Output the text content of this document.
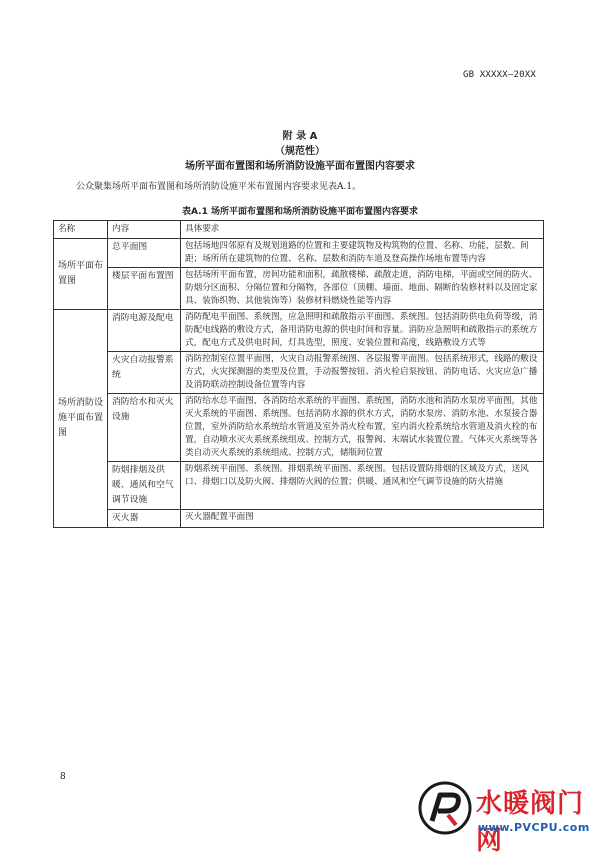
GB XXXXX—20XX
附 录 A
（规范性）
场所平面布置图和场所消防设施平面布置图内容要求
公众聚集场所平面布置图和场所消防设施平米布置图内容要求见表A.1。
表A.1 场所平面布置图和场所消防设施平面布置图内容要求
名称	内容	具体要求
场所平面布置图	总平面图	包括场地四邻原有及规划道路的位置和主要建筑物及构筑物的位置、名称、功能，层数、间距；场所所在建筑物的位置、名称、层数和消防车道及登高操作场地布置等内容
	楼层平面布置图	包括场所平面布置，房间功能和面积，疏散楼梯、疏散走道，消防电梯，平面或空间的防火、防烟分区面积、分隔位置和分隔物，各部位（顶棚、墙面、地面、隔断的装修材料以及固定家具、装饰织物、其他装饰等）装修材料燃烧性能等内容
场所消防设施平面布置图	消防电源及配电	消防配电平面图、系统图，应急照明和疏散指示平面图、系统图。包括消防供电负荷等级，消防配电线路的敷设方式，备用消防电源的供电时间和容量。消防应急照明和疏散指示的系统方式，配电方式及供电时间，灯具选型，照度、安装位置和高度，线路敷设方式等
	火灾自动报警系统	消防控制室位置平面图，火灾自动报警系统图、各层报警平面图。包括系统形式，线路的敷设方式，火灾探测器的类型及位置，手动报警按钮、消火栓启泵按钮、消防电话、火灾应急广播及消防联动控制设备位置等内容
	消防给水和灭火设施	消防给水总平面图，各消防给水系统的平面图、系统图，消防水池和消防水泵房平面图，其他灭火系统的平面图、系统图。包括消防水源的供水方式，消防水泵房、消防水池、水泵接合器位置，室外消防给水系统给水管道及室外消火栓布置，室内消火栓系统给水管道及消火栓的布置，自动喷水灭火系统系统组成、控制方式，报警阀、末端试水装置位置。气体灭火系统等各类自动灭火系统的系统组成、控制方式，储瓶间位置
	防烟排烟及供暖、通风和空气调节设施	防烟系统平面图、系统图。排烟系统平面图、系统图。包括设置防排烟的区域及方式，送风口、排烟口以及防火阀、排烟防火阀的位置；供暖、通风和空气调节设施的防火措施
	灭火器	灭火器配置平面图
8
水暖阀门网
www.PVCPU.com
